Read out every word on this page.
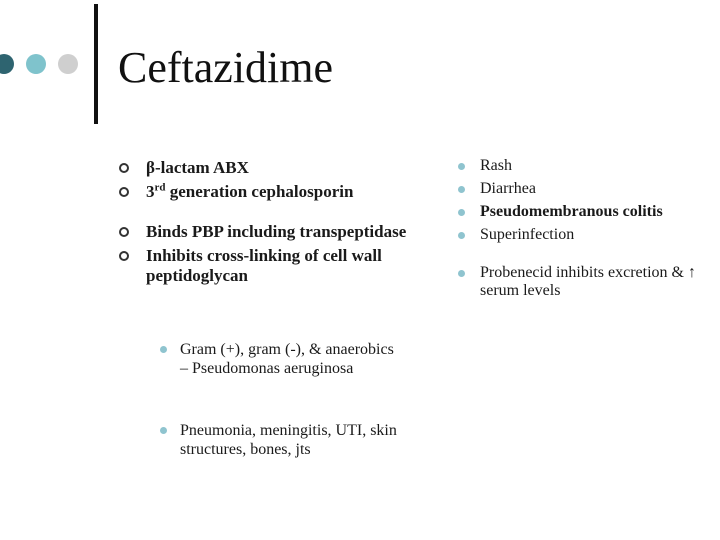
Ceftazidime
β-lactam ABX
3rd generation cephalosporin
Binds PBP including transpeptidase
Inhibits cross-linking of cell wall peptidoglycan
Gram (+), gram (-), & anaerobics – Pseudomonas aeruginosa
Pneumonia, meningitis, UTI, skin structures, bones, jts
Rash
Diarrhea
Pseudomembranous colitis
Superinfection
Probenecid inhibits excretion & ↑ serum levels
